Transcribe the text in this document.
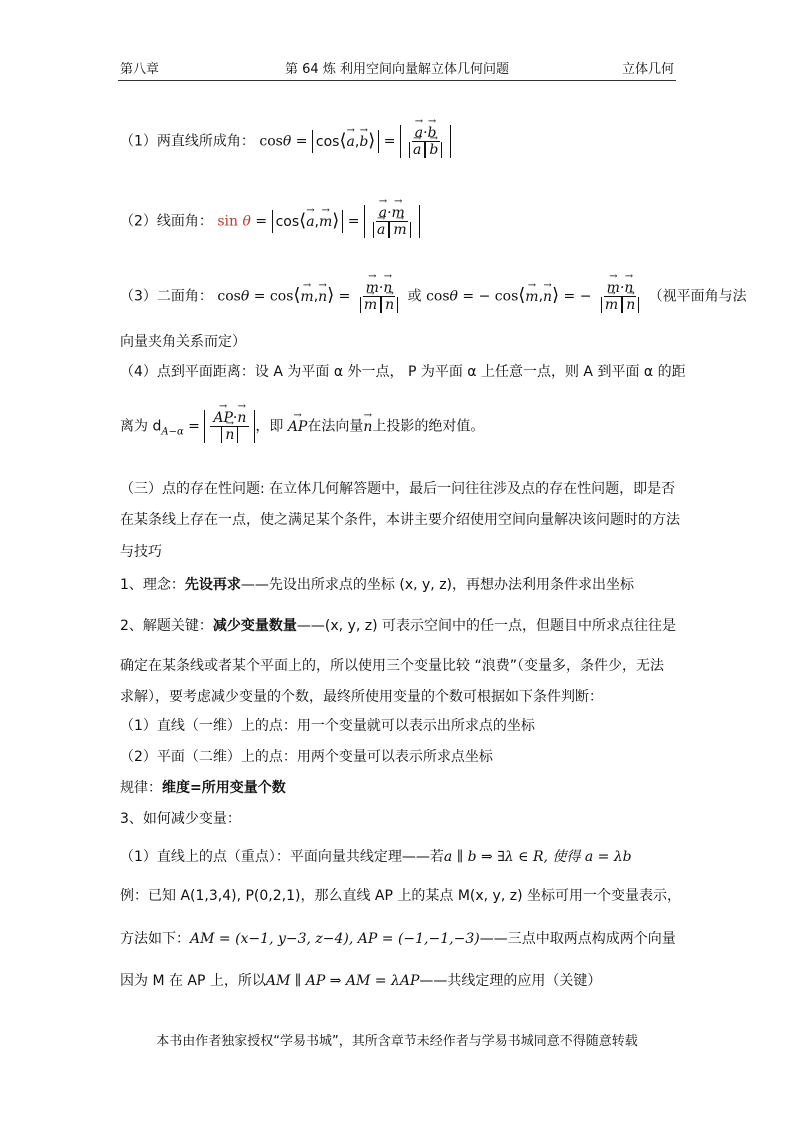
第八章	第 64 炼 利用空间向量解立体几何问题	立体几何
（1）两直线所成角： cosθ = cos⟨→ a,→ b⟩ = → a·→ b
→ a → b
（2）线面角： sin θ = cos⟨→ a,→ m⟩ = → a·→ m
→ a → m
（3）二面角： cosθ = cos⟨→ m,→ n⟩ = → m·→ n
→ m → n 或 cosθ = − cos⟨→ m,→ n⟩ = − → m·→ n
→ m → n （视平面角与法
向量夹角关系而定）
（4）点到平面距离：设 A 为平面 α 外一点， P 为平面 α 上任意一点，则 A 到平面 α 的距
离为 $d_{A-\alpha}$ = → AP·→ n
→ n ，即 → AP在法向量→ n上投影的绝对值。
（三）点的存在性问题: 在立体几何解答题中，最后一问往往涉及点的存在性问题，即是否
在某条线上存在一点，使之满足某个条件，本讲主要介绍使用空间向量解决该问题时的方法
与技巧
1、理念：先设再求——先设出所求点的坐标 (x, y, z)，再想办法利用条件求出坐标
2、解题关键：减少变量数量——(x, y, z) 可表示空间中的任一点，但题目中所求点往往是
确定在某条线或者某个平面上的，所以使用三个变量比较 “浪费”（变量多，条件少，无法
求解），要考虑减少变量的个数，最终所使用变量的个数可根据如下条件判断：
（1）直线（一维）上的点：用一个变量就可以表示出所求点的坐标
（2）平面（二维）上的点：用两个变量可以表示所求点坐标
规律：维度=所用变量个数
3、如何减少变量：
（1）直线上的点（重点）：平面向量共线定理——若a ∥ b ⇒ ∃λ ∈ R, 使得 a = λb
例：已知 A(1,3,4), P(0,2,1)，那么直线 AP 上的某点 M(x, y, z) 坐标可用一个变量表示，
方法如下：AM = (x−1, y−3, z−4), AP = (−1,−1,−3)——三点中取两点构成两个向量
因为 M 在 AP 上，所以AM ∥ AP ⇒ AM = λAP——共线定理的应用（关键）
本书由作者独家授权“学易书城”，其所含章节未经作者与学易书城同意不得随意转载
